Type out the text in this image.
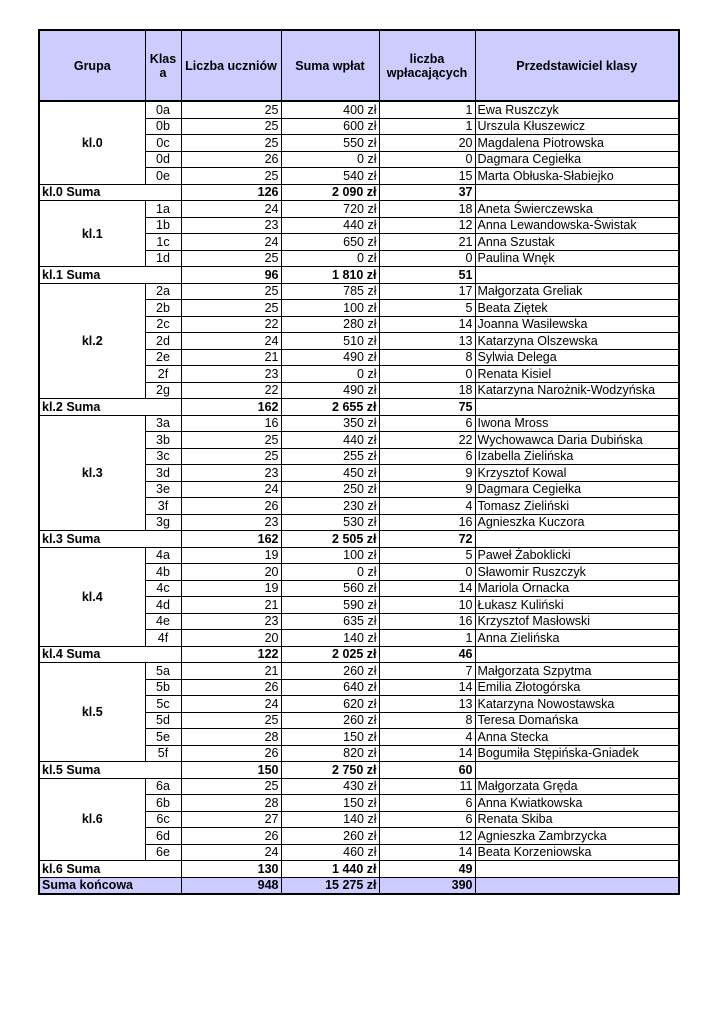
Grupa	Klas a	Liczba uczniów	Suma wpłat	liczba wpłacających	Przedstawiciel klasy
kl.0	0a	25	400 zł	1	Ewa Ruszczyk
	0b	25	600 zł	1	Urszula Kłuszewicz
	0c	25	550 zł	20	Magdalena Piotrowska
	0d	26	0 zł	0	Dagmara Cegiełka
	0e	25	540 zł	15	Marta Obłuska-Słabiejko
kl.0 Suma		126	2 090 zł	37	
kl.1	1a	24	720 zł	18	Aneta Świerczewska
	1b	23	440 zł	12	Anna Lewandowska-Świstak
	1c	24	650 zł	21	Anna Szustak
	1d	25	0 zł	0	Paulina Wnęk
kl.1 Suma		96	1 810 zł	51	
kl.2	2a	25	785 zł	17	Małgorzata Greliak
	2b	25	100 zł	5	Beata Ziętek
	2c	22	280 zł	14	Joanna Wasilewska
	2d	24	510 zł	13	Katarzyna Olszewska
	2e	21	490 zł	8	Sylwia Delega
	2f	23	0 zł	0	Renata Kisiel
	2g	22	490 zł	18	Katarzyna Narożnik-Wodzyńska
kl.2 Suma		162	2 655 zł	75	
kl.3	3a	16	350 zł	6	Iwona Mross
	3b	25	440 zł	22	Wychowawca Daria Dubińska
	3c	25	255 zł	6	Izabella Zielińska
	3d	23	450 zł	9	Krzysztof Kowal
	3e	24	250 zł	9	Dagmara Cegiełka
	3f	26	230 zł	4	Tomasz Zieliński
	3g	23	530 zł	16	Agnieszka Kuczora
kl.3 Suma		162	2 505 zł	72	
kl.4	4a	19	100 zł	5	Paweł Żaboklicki
	4b	20	0 zł	0	Sławomir Ruszczyk
	4c	19	560 zł	14	Mariola Ornacka
	4d	21	590 zł	10	Łukasz Kuliński
	4e	23	635 zł	16	Krzysztof Masłowski
	4f	20	140 zł	1	Anna Zielińska
kl.4 Suma		122	2 025 zł	46	
kl.5	5a	21	260 zł	7	Małgorzata Szpytma
	5b	26	640 zł	14	Emilia Złotogórska
	5c	24	620 zł	13	Katarzyna Nowostawska
	5d	25	260 zł	8	Teresa Domańska
	5e	28	150 zł	4	Anna Stecka
	5f	26	820 zł	14	Bogumiła Stępińska-Gniadek
kl.5 Suma		150	2 750 zł	60	
kl.6	6a	25	430 zł	11	Małgorzata Gręda
	6b	28	150 zł	6	Anna Kwiatkowska
	6c	27	140 zł	6	Renata Skiba
	6d	26	260 zł	12	Agnieszka Zambrzycka
	6e	24	460 zł	14	Beata Korzeniowska
kl.6 Suma		130	1 440 zł	49	
Suma końcowa		948	15 275 zł	390	
